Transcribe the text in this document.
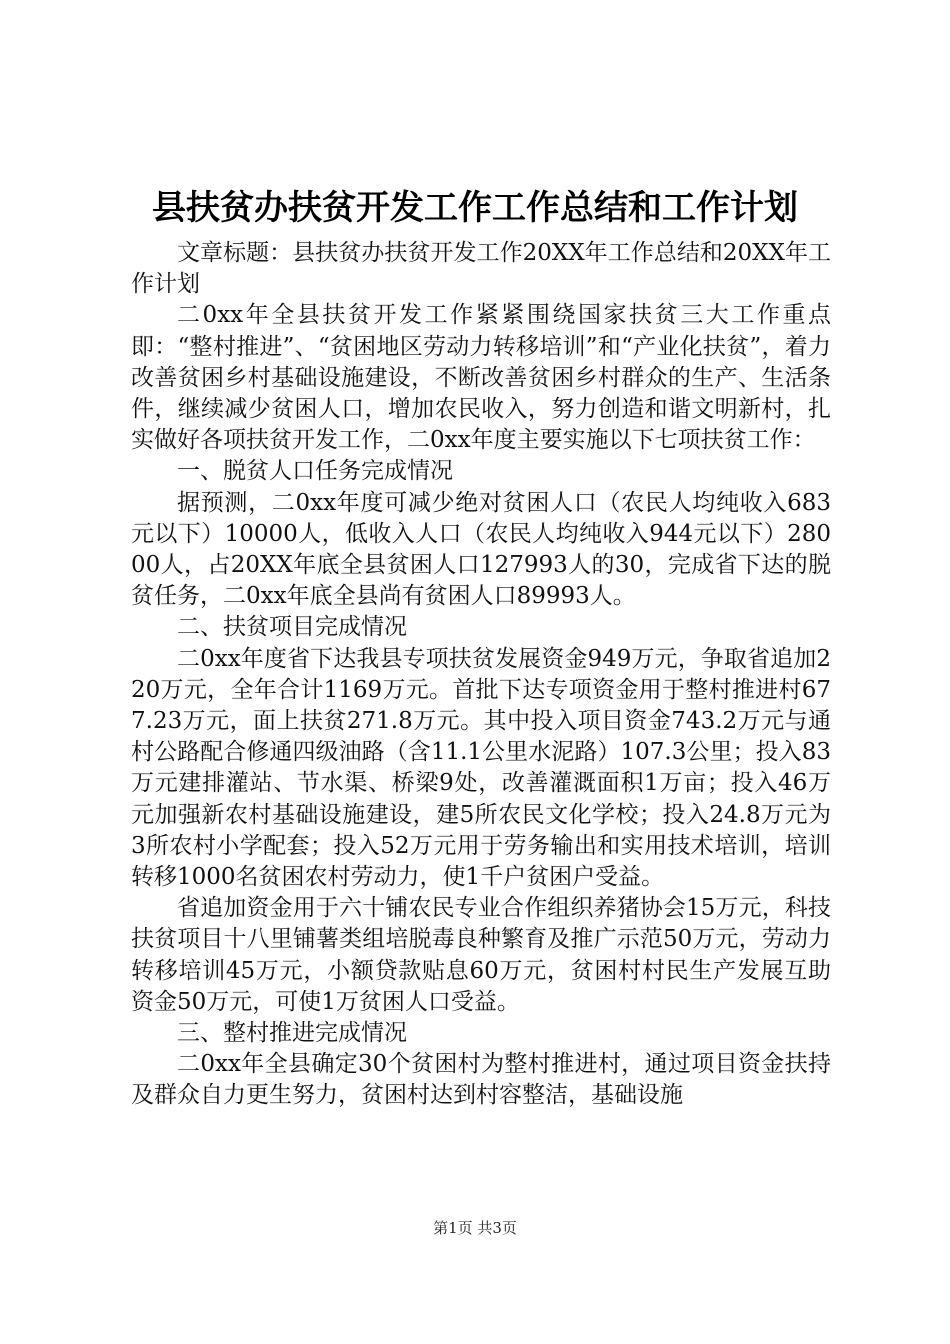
县扶贫办扶贫开发工作工作总结和工作计划

文章标题：县扶贫办扶贫开发工作20XX年工作总结和20XX年工作计划

二0xx年全县扶贫开发工作紧紧围绕国家扶贫三大工作重点即：“整村推进”、“贫困地区劳动力转移培训”和“产业化扶贫”，着力改善贫困乡村基础设施建设，不断改善贫困乡村群众的生产、生活条件，继续减少贫困人口，增加农民收入，努力创造和谐文明新村，扎实做好各项扶贫开发工作，二0xx年度主要实施以下七项扶贫工作：

一、脱贫人口任务完成情况

据预测，二0xx年度可减少绝对贫困人口（农民人均纯收入683元以下）10000人，低收入人口（农民人均纯收入944元以下）28000人，占20XX年底全县贫困人口127993人的30，完成省下达的脱贫任务，二0xx年底全县尚有贫困人口89993人。

二、扶贫项目完成情况

二0xx年度省下达我县专项扶贫发展资金949万元，争取省追加220万元，全年合计1169万元。首批下达专项资金用于整村推进村677.23万元，面上扶贫271.8万元。其中投入项目资金743.2万元与通村公路配合修通四级油路（含11.1公里水泥路）107.3公里；投入83万元建排灌站、节水渠、桥梁9处，改善灌溉面积1万亩；投入46万元加强新农村基础设施建设，建5所农民文化学校；投入24.8万元为3所农村小学配套；投入52万元用于劳务输出和实用技术培训，培训转移1000名贫困农村劳动力，使1千户贫困户受益。

省追加资金用于六十铺农民专业合作组织养猪协会15万元，科技扶贫项目十八里铺薯类组培脱毒良种繁育及推广示范50万元，劳动力转移培训45万元，小额贷款贴息60万元，贫困村村民生产发展互助资金50万元，可使1万贫困人口受益。

三、整村推进完成情况

二0xx年全县确定30个贫困村为整村推进村，通过项目资金扶持及群众自力更生努力，贫困村达到村容整洁，基础设施

第1页 共3页
